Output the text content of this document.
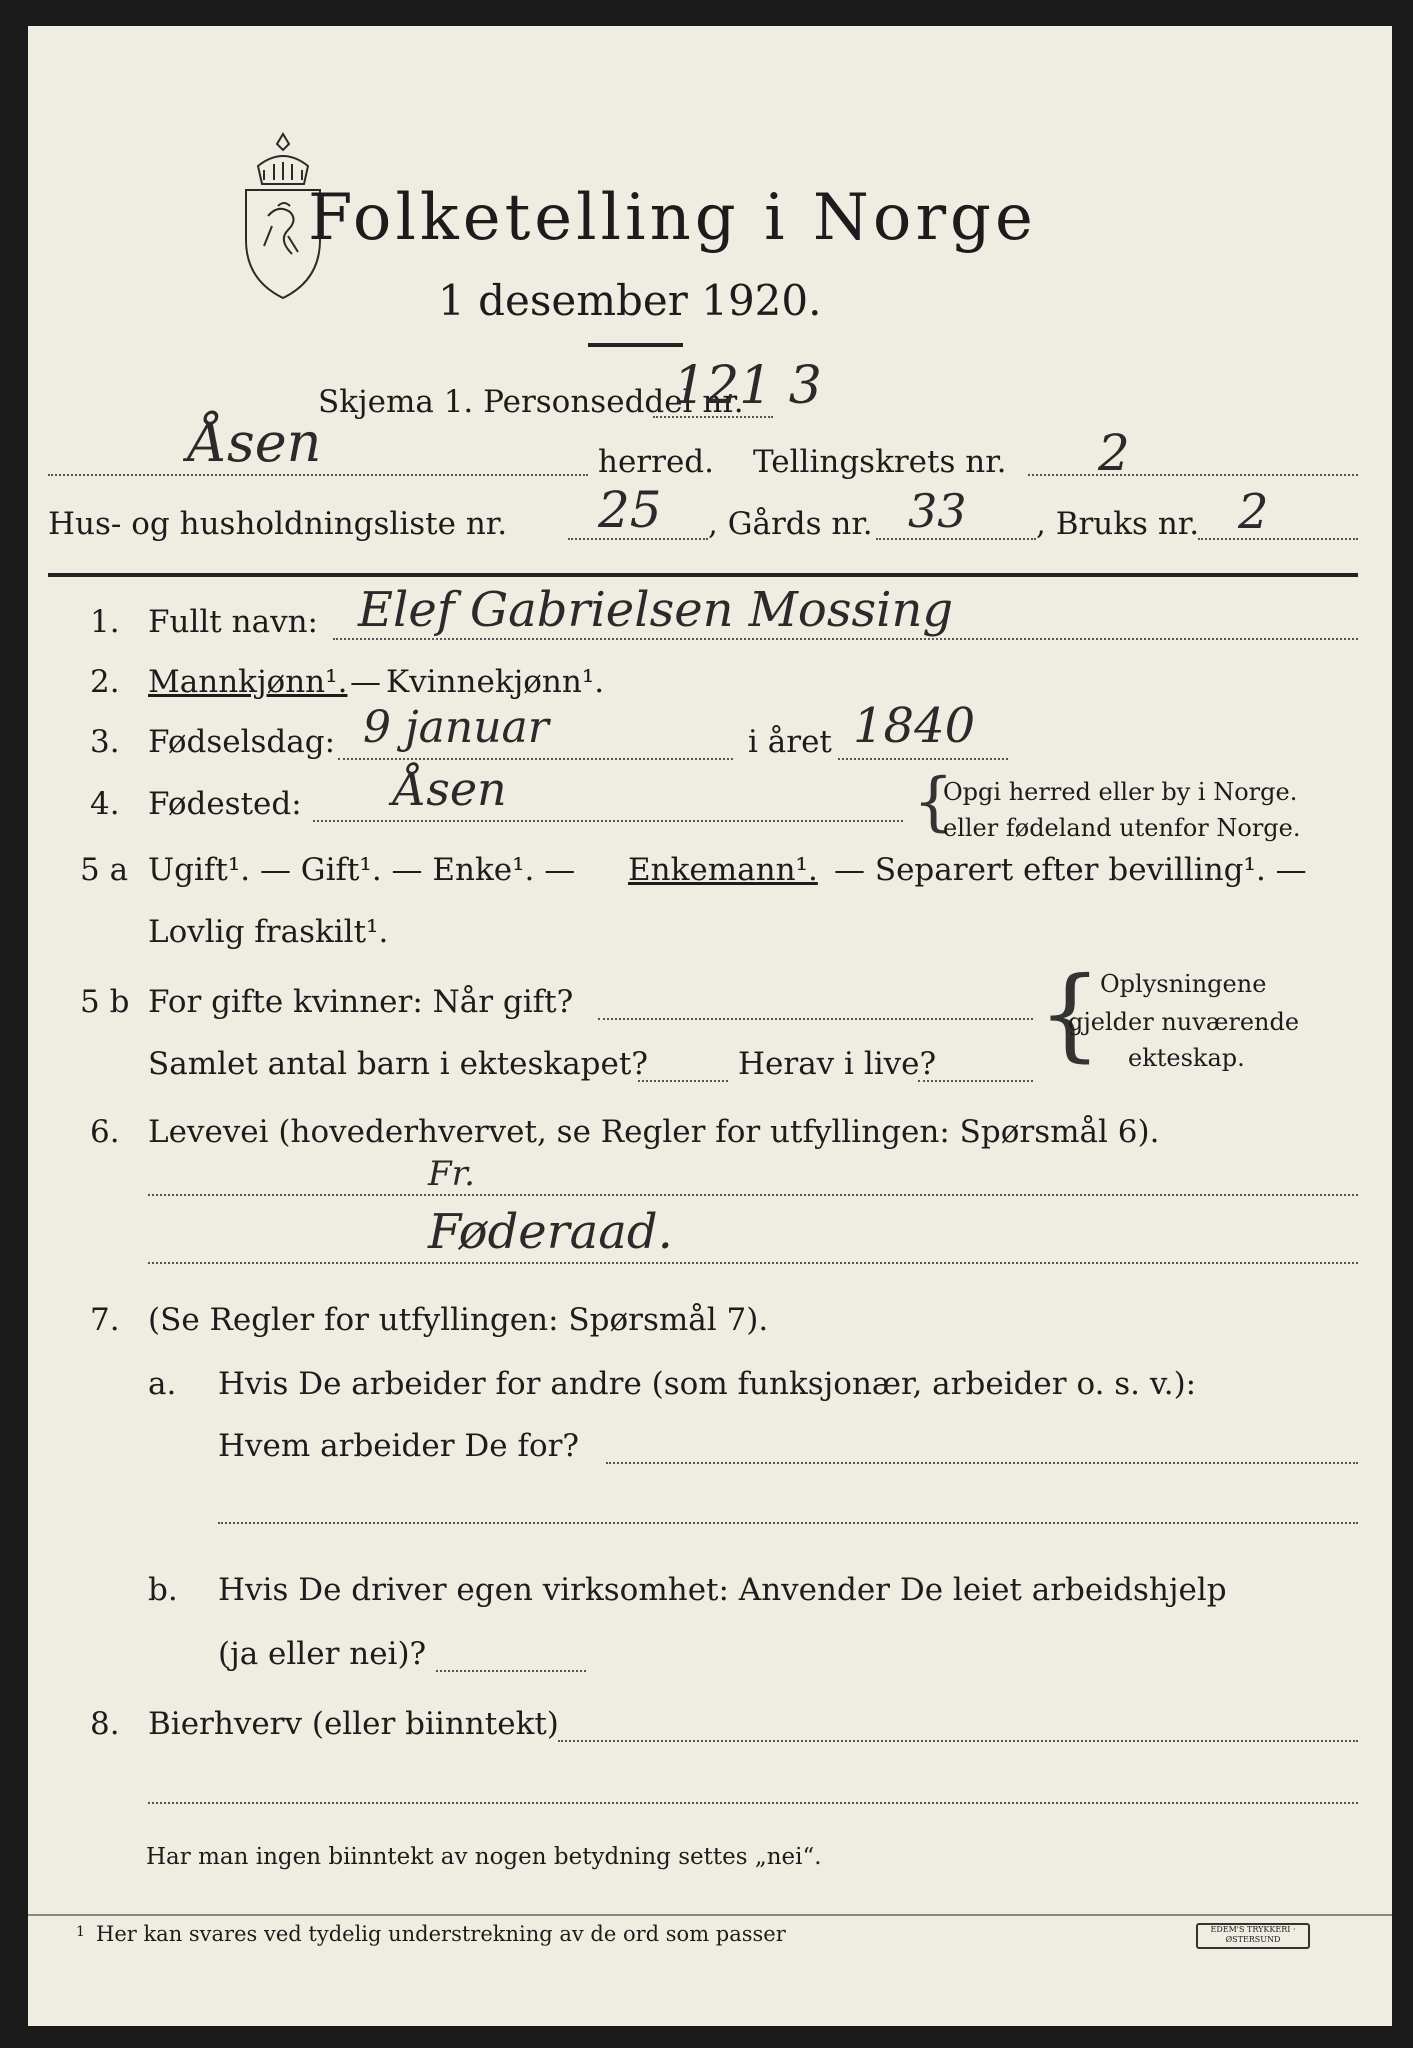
Folketelling i Norge
1 desember 1920.
Skjema 1. Personseddel nr.
121 3
Åsen	herred. Tellingskrets nr. 2
Hus- og husholdningsliste nr. 25 , Gårds nr. 33 , Bruks nr. 2
1. Fullt navn: Elef Gabrielsen Mossing
2. Mannkjønn¹. — Kvinnekjønn¹.
3. Fødselsdag: 9 januar	i året 1840
4. Fødested: Åsen	{
Opgi herred eller by i Norge.
eller fødeland utenfor Norge.
5 a Ugift¹. — Gift¹. — Enke¹. — Enkemann¹. — Separert efter bevilling¹. —
Lovlig fraskilt¹.
5 b For gifte kvinner: Når gift?
Samlet antal barn i ekteskapet?	Herav i live? {
Oplysningene
gjelder nuværende
ekteskap.
6. Levevei (hovederhvervet, se Regler for utfyllingen: Spørsmål 6).
Fr.
Føderaad.
7. (Se Regler for utfyllingen: Spørsmål 7).
a. Hvis De arbeider for andre (som funksjonær, arbeider o. s. v.):
Hvem arbeider De for?
b. Hvis De driver egen virksomhet: Anvender De leiet arbeidshjelp
(ja eller nei)?
8. Bierhverv (eller biinntekt)
Har man ingen biinntekt av nogen betydning settes „nei“.
1 Her kan svares ved tydelig understrekning av de ord som passer	EDEM'S TRYKKERI · ØSTERSUND
